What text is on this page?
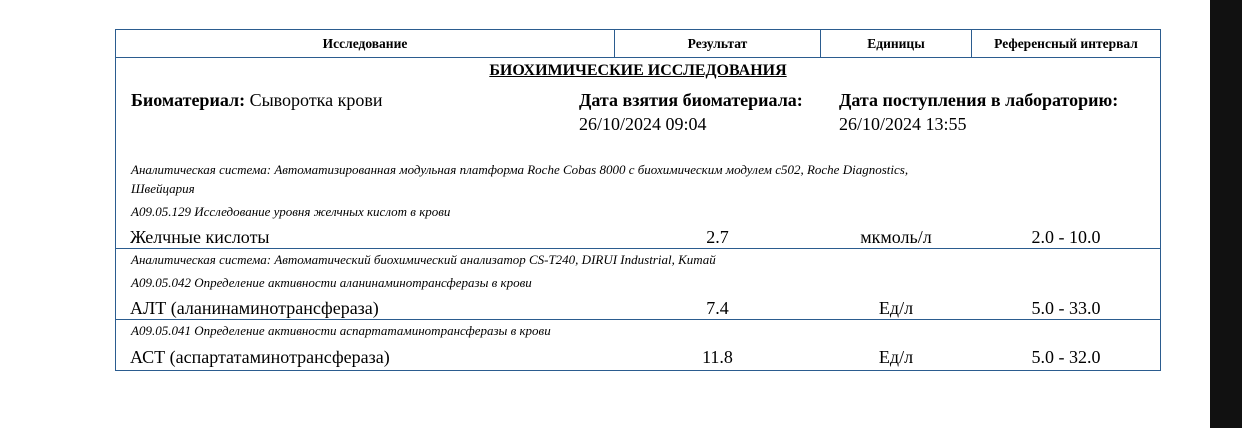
Исследование	Результат	Единицы	Референсный интервал
БИОХИМИЧЕСКИЕ ИССЛЕДОВАНИЯ
Биоматериал: Сыворотка крови	Дата взятия биоматериала:
26/10/2024 09:04
Дата поступления в лабораторию:
26/10/2024 13:55
Аналитическая система: Автоматизированная модульная платформа Roche Cobas 8000 с биохимическим модулем c502, Roche Diagnostics,
Швейцария
A09.05.129 Исследование уровня желчных кислот в крови
Желчные кислоты	2.7	мкмоль/л	2.0 - 10.0
Аналитическая система: Автоматический биохимический анализатор CS-T240, DIRUI Industrial, Китай
A09.05.042 Определение активности аланинаминотрансферазы в крови
АЛТ (аланинаминотрансфераза)	7.4	Ед/л	5.0 - 33.0
A09.05.041 Определение активности аспартатаминотрансферазы в крови
АСТ (аспартатаминотрансфераза)	11.8	Ед/л	5.0 - 32.0
